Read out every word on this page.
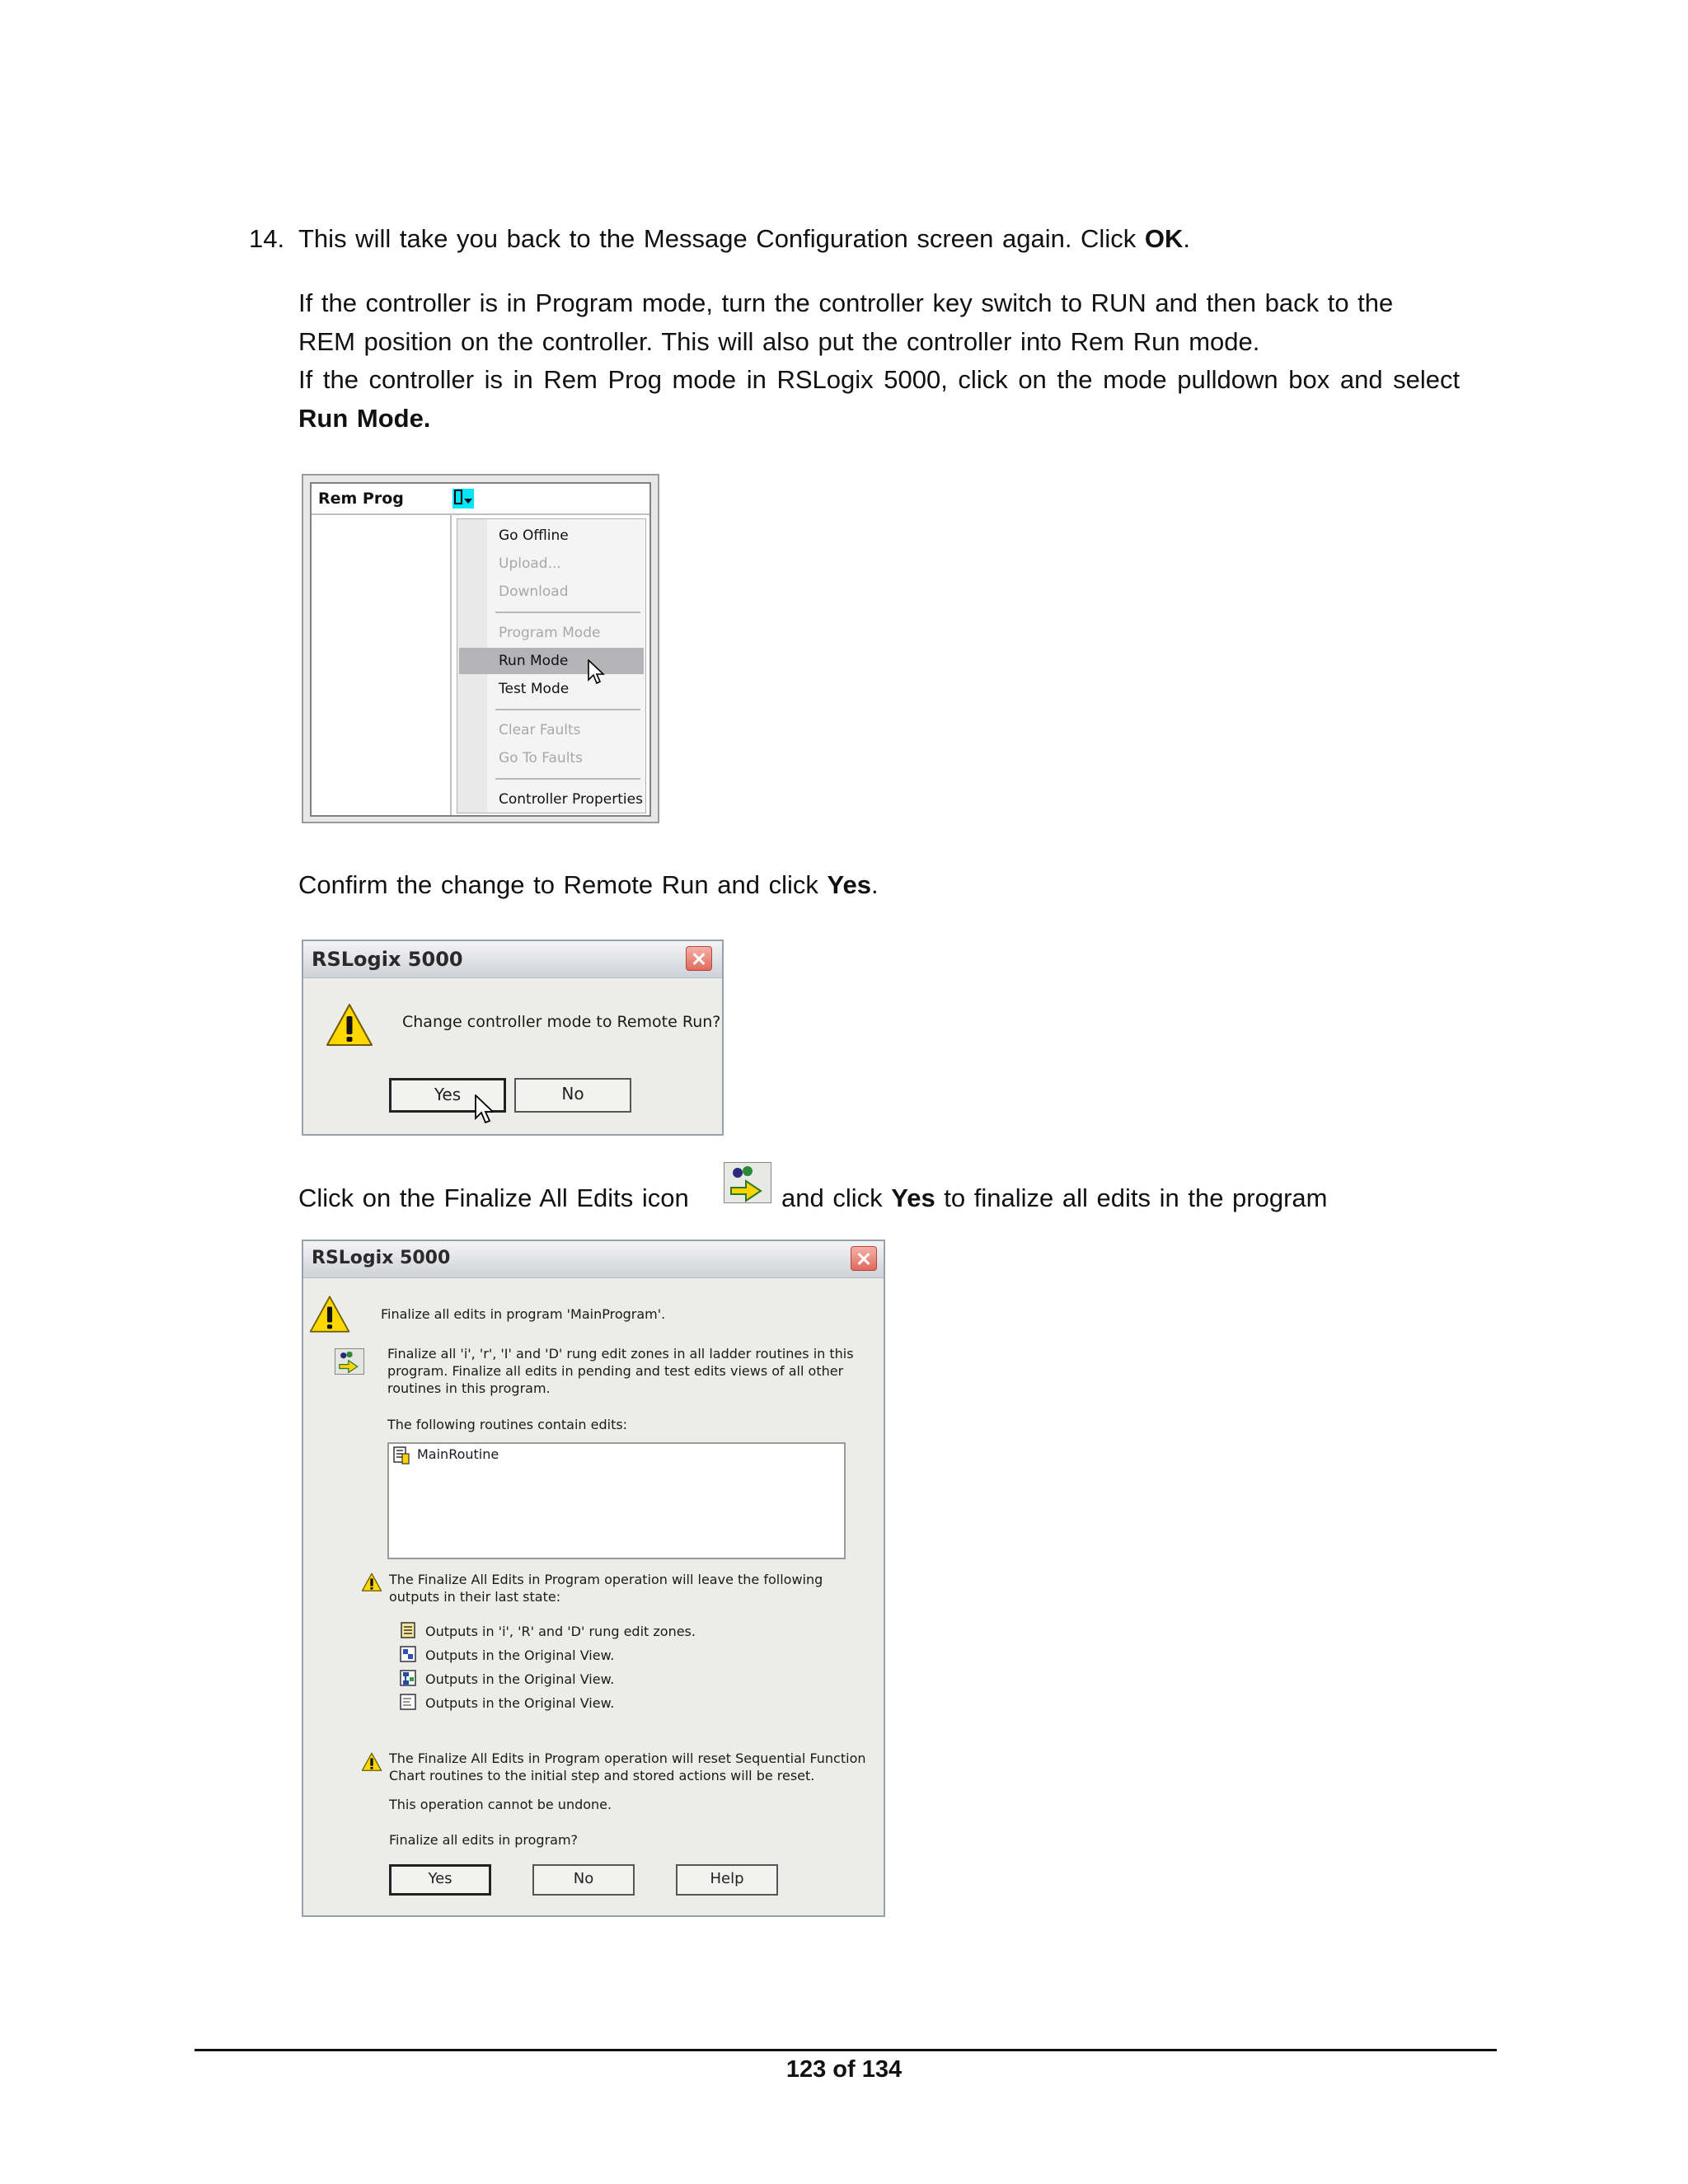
14. This will take you back to the Message Configuration screen again. Click OK.
If the controller is in Program mode, turn the controller key switch to RUN and then back to the
REM position on the controller. This will also put the controller into Rem Run mode.
If the controller is in Rem Prog mode in RSLogix 5000, click on the mode pulldown box and select
Run Mode.
Rem Prog
Go Offline
Upload...
Download
Program Mode
Run Mode
Test Mode
Clear Faults
Go To Faults
Controller Properties
Confirm the change to Remote Run and click Yes.
RSLogix 5000
Change controller mode to Remote Run?
Yes	No
Click on the Finalize All Edits icon	and click Yes to finalize all edits in the program
RSLogix 5000
Finalize all edits in program 'MainProgram'.
Finalize all 'i', 'r', 'I' and 'D' rung edit zones in all ladder routines in this
program. Finalize all edits in pending and test edits views of all other
routines in this program.
The following routines contain edits:
MainRoutine
The Finalize All Edits in Program operation will leave the following
outputs in their last state:
Outputs in 'i', 'R' and 'D' rung edit zones.
Outputs in the Original View.
Outputs in the Original View.
Outputs in the Original View.
The Finalize All Edits in Program operation will reset Sequential Function
Chart routines to the initial step and stored actions will be reset.
This operation cannot be undone.
Finalize all edits in program?
Yes	No	Help
123 of 134
